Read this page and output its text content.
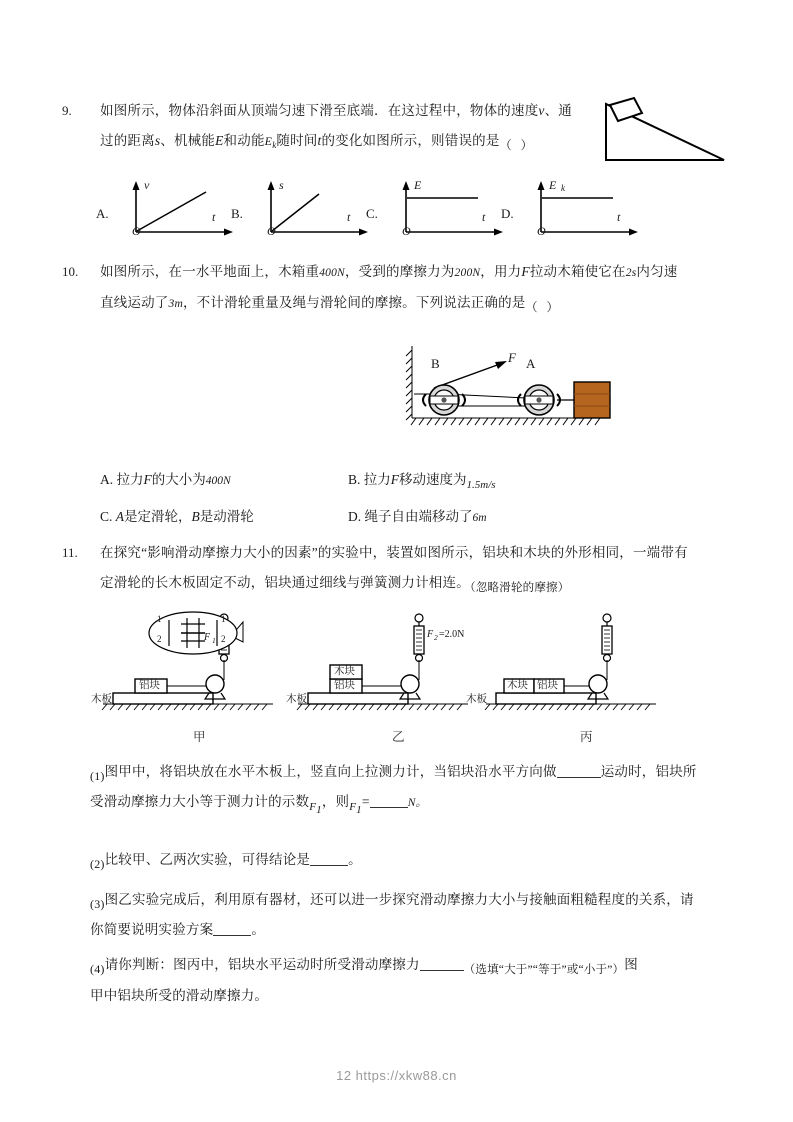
9. 如图所示，物体沿斜面从顶端匀速下滑至底端．在这过程中，物体的速度v、通
过的距离s、机械能E和动能$E_k$随时间t的变化如图所示，则错误的是（ ）
A.
v
t
O
B.
s
t
O
C.
E
t
O
D.
E k
t
O
10. 如图所示，在一水平地面上，木箱重400N，受到的摩擦力为200N，用力F拉动木箱使它在2s内匀速
直线运动了3m，不计滑轮重量及绳与滑轮间的摩擦。下列说法正确的是（ ）
B	A
F
A. 拉力F的大小为400N	B. 拉力F移动速度为$_{1.5m/s}$
C. A是定滑轮，B是动滑轮	D. 绳子自由端移动了6m
11. 在探究“影响滑动摩擦力大小的因素”的实验中，装置如图所示，铝块和木块的外形相同，一端带有
定滑轮的长木板固定不动，铝块通过细线与弹簧测力计相连。（忽略滑轮的摩擦）
1
2
1
2
F 1
铝块
木板
甲
F 2 =2.0N
木块
铝块
木板
乙
木块 铝块
木板
丙
(1)图甲中，将铝块放在水平木板上，竖直向上拉测力计，当铝块沿水平方向做	运动时，铝块所
受滑动摩擦力大小等于测力计的示数$_{F1}$，则$_{F1}$=	N。
(2)比较甲、乙两次实验，可得结论是	。
(3)图乙实验完成后，利用原有器材，还可以进一步探究滑动摩擦力大小与接触面粗糙程度的关系，请
你简要说明实验方案	。
(4)请你判断：图丙中，铝块水平运动时所受滑动摩擦力	（选填“大于”“等于”或“小于”）图
甲中铝块所受的滑动摩擦力。
12 https://xkw88.cn
